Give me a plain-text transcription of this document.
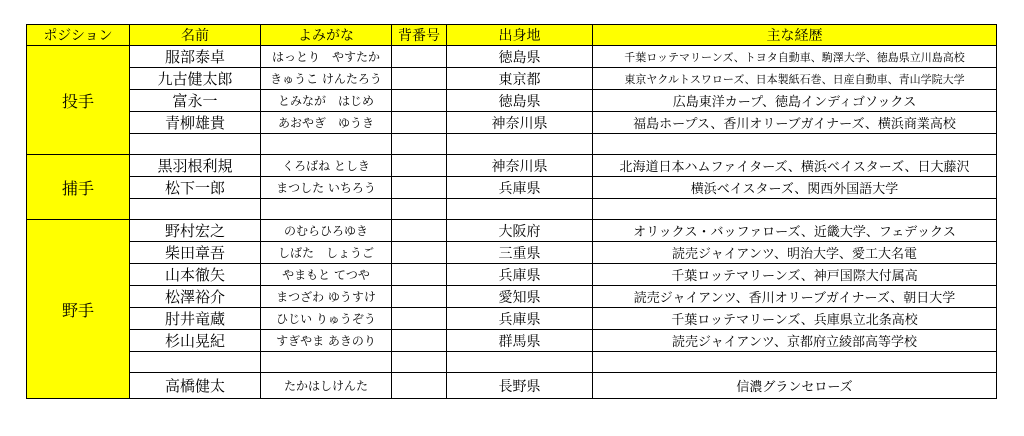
ポジション	名前	よみがな	背番号	出身地	主な経歴
投手	服部泰卓	はっとり　やすたか		徳島県	千葉ロッテマリーンズ、トヨタ自動車、駒澤大学、徳島県立川島高校
	九古健太郎	きゅうこ けんたろう		東京都	東京ヤクルトスワローズ、日本製紙石巻、日産自動車、青山学院大学
	富永一	とみなが　はじめ		徳島県	広島東洋カープ、徳島インディゴソックス
	青柳雄貴	あおやぎ　ゆうき		神奈川県	福島ホープス、香川オリーブガイナーズ、横浜商業高校

捕手	黒羽根利規	くろばね としき		神奈川県	北海道日本ハムファイターズ、横浜ベイスターズ、日大藤沢
	松下一郎	まつした いちろう		兵庫県	横浜ベイスターズ、関西外国語大学

野手	野村宏之	のむらひろゆき		大阪府	オリックス・バッファローズ、近畿大学、フェデックス
	柴田章吾	しばた　しょうご		三重県	読売ジャイアンツ、明治大学、愛工大名電
	山本徹矢	やまもと てつや		兵庫県	千葉ロッテマリーンズ、神戸国際大付属高
	松澤裕介	まつざわ ゆうすけ		愛知県	読売ジャイアンツ、香川オリーブガイナーズ、朝日大学
	肘井竜蔵	ひじい りゅうぞう		兵庫県	千葉ロッテマリーンズ、兵庫県立北条高校
	杉山晃紀	すぎやま あきのり		群馬県	読売ジャイアンツ、京都府立綾部高等学校

	高橋健太	たかはしけんた		長野県	信濃グランセローズ
